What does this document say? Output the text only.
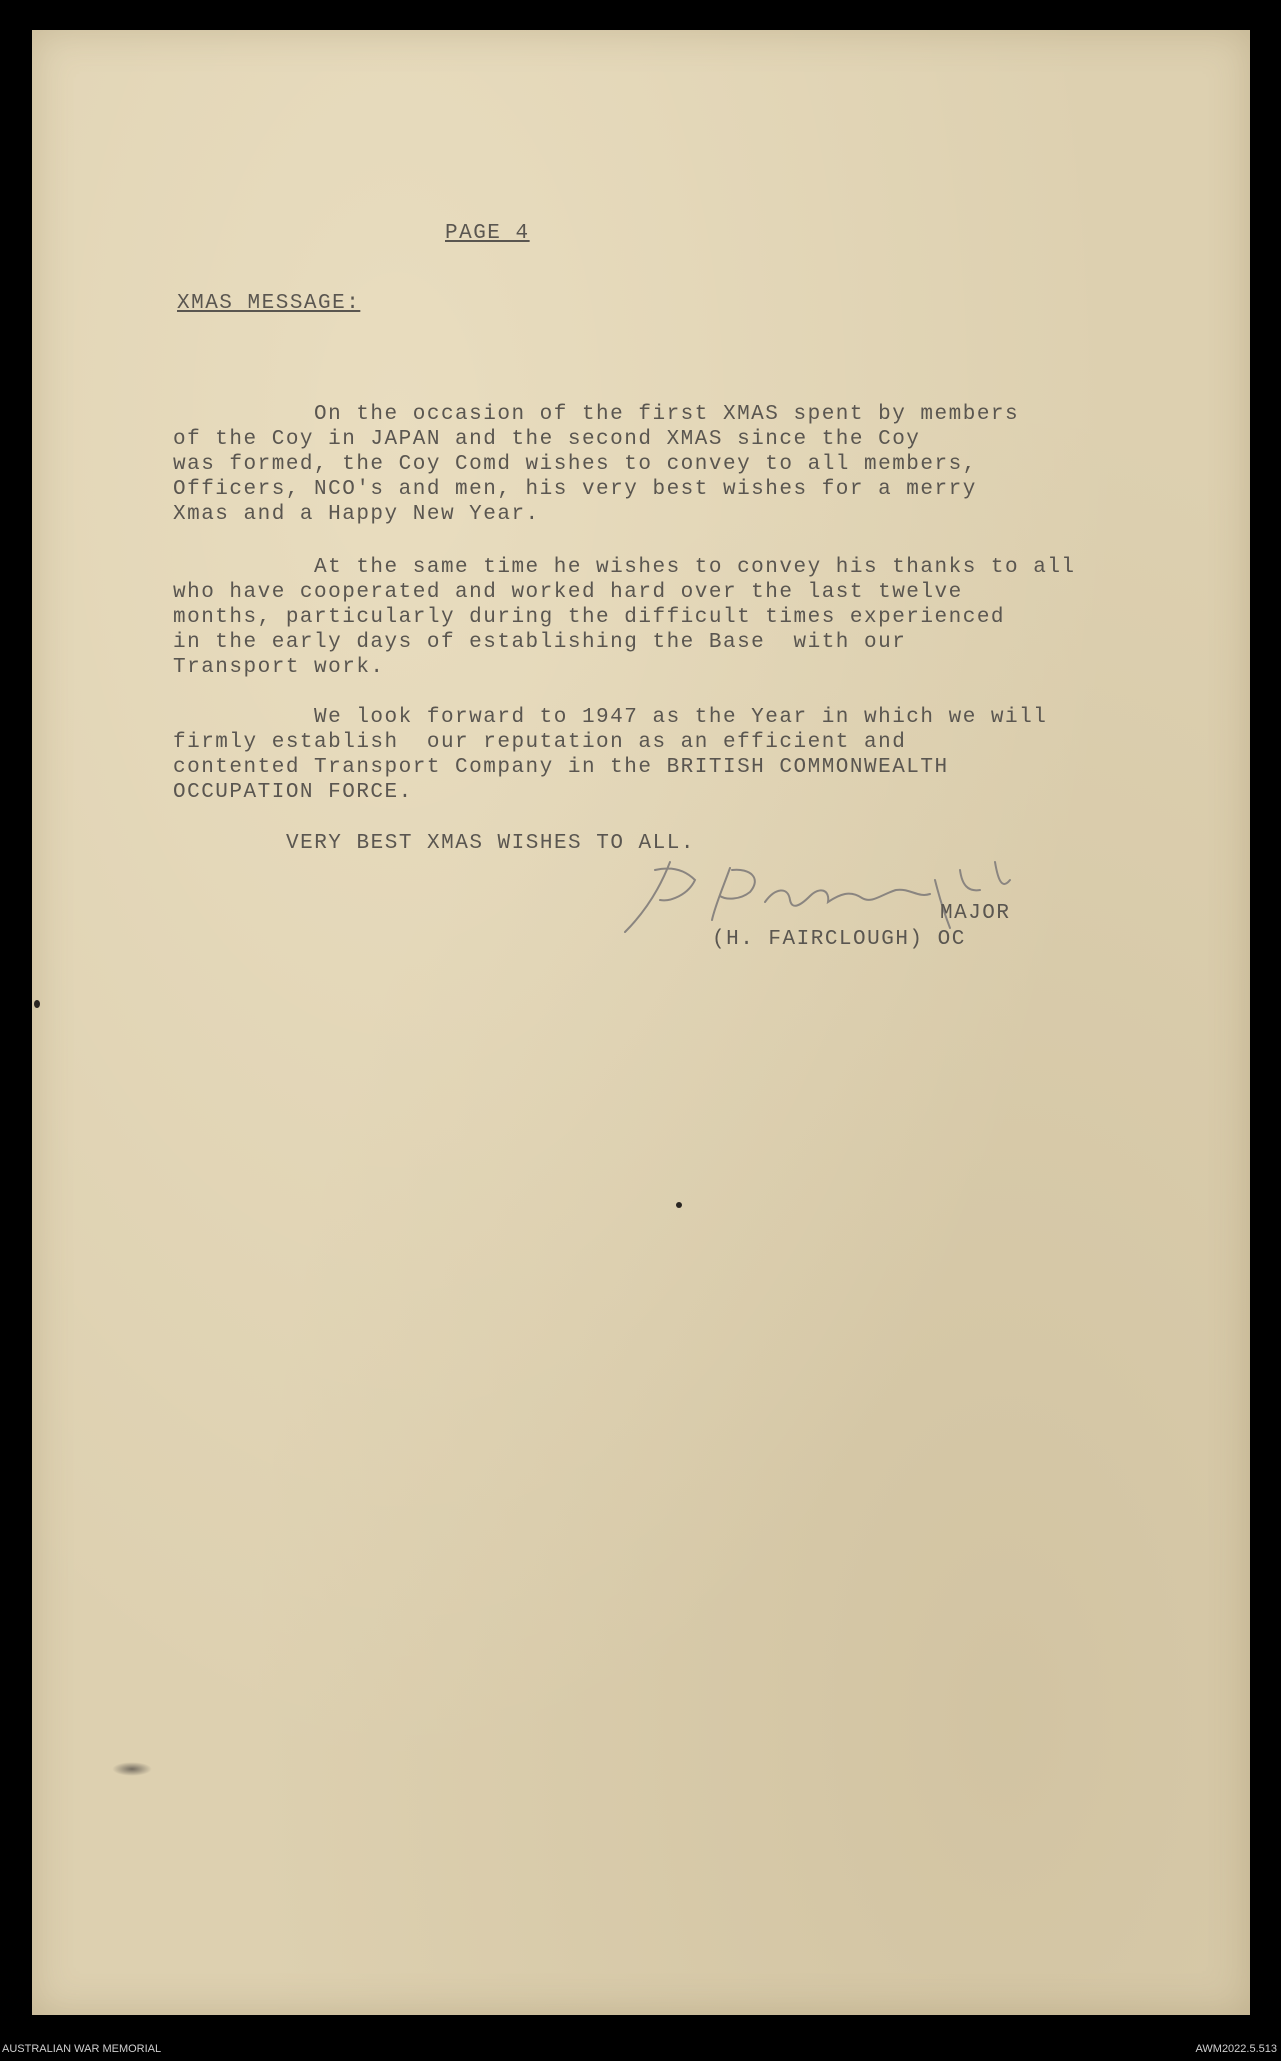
PAGE 4
XMAS MESSAGE:
On the occasion of the first XMAS spent by members
of the Coy in JAPAN and the second XMAS since the Coy
was formed, the Coy Comd wishes to convey to all members,
Officers, NCO's and men, his very best wishes for a merry
Xmas and a Happy New Year.
At the same time he wishes to convey his thanks to all
who have cooperated and worked hard over the last twelve
months, particularly during the difficult times experienced
in the early days of establishing the Base  with our
Transport work.
We look forward to 1947 as the Year in which we will
firmly establish  our reputation as an efficient and
contented Transport Company in the BRITISH COMMONWEALTH
OCCUPATION FORCE.
VERY BEST XMAS WISHES TO ALL.
MAJOR
(H. FAIRCLOUGH) OC
AUSTRALIAN WAR MEMORIAL	AWM2022.5.513
